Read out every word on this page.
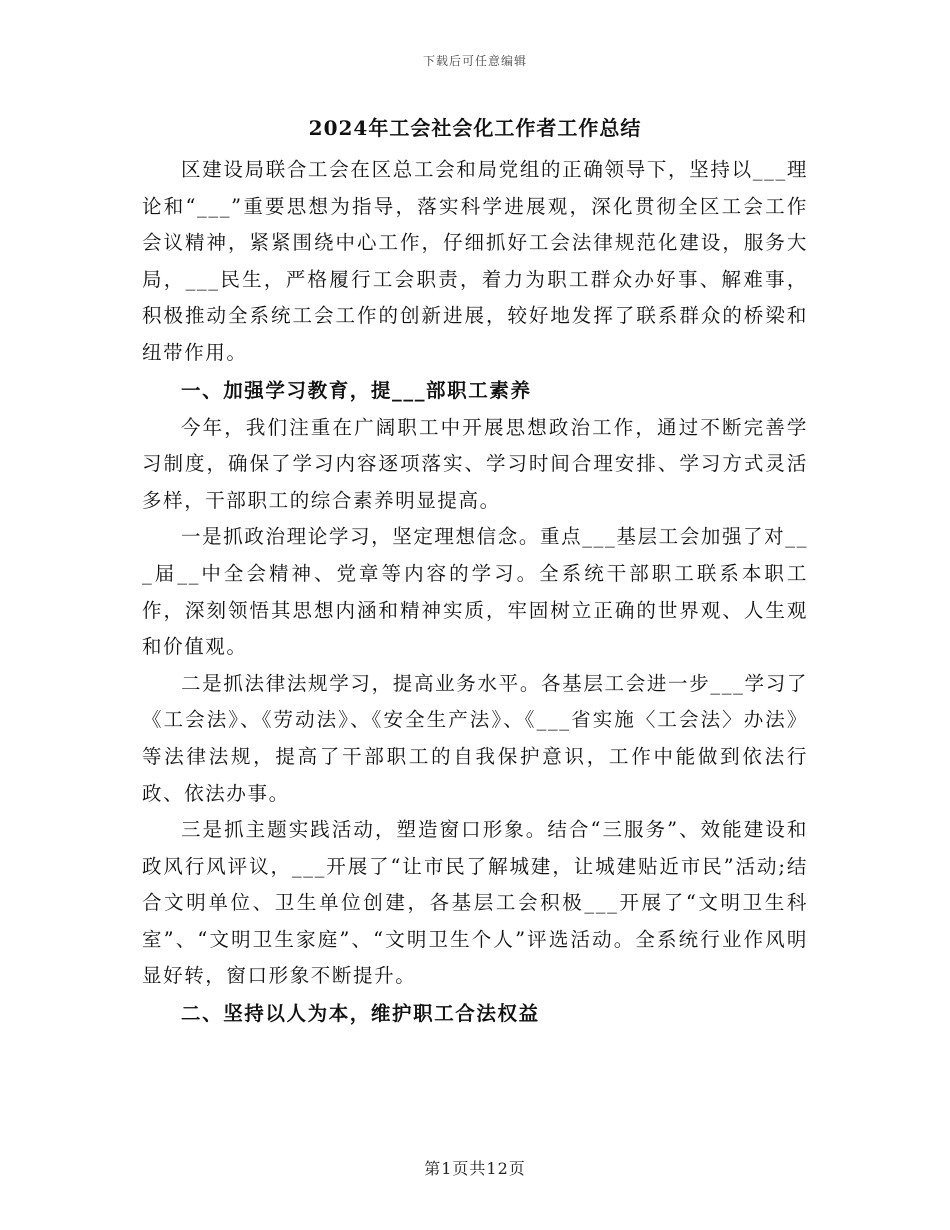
下载后可任意编辑
2024年工会社会化工作者工作总结

区建设局联合工会在区总工会和局党组的正确领导下，坚持以___理论和“___”重要思想为指导，落实科学进展观，深化贯彻全区工会工作会议精神，紧紧围绕中心工作，仔细抓好工会法律规范化建设，服务大局，___民生，严格履行工会职责，着力为职工群众办好事、解难事，积极推动全系统工会工作的创新进展，较好地发挥了联系群众的桥梁和纽带作用。

一、加强学习教育，提___部职工素养

今年，我们注重在广阔职工中开展思想政治工作，通过不断完善学习制度，确保了学习内容逐项落实、学习时间合理安排、学习方式灵活多样，干部职工的综合素养明显提高。

一是抓政治理论学习，坚定理想信念。重点___基层工会加强了对___届__中全会精神、党章等内容的学习。全系统干部职工联系本职工作，深刻领悟其思想内涵和精神实质，牢固树立正确的世界观、人生观和价值观。

二是抓法律法规学习，提高业务水平。各基层工会进一步___学习了《工会法》、《劳动法》、《安全生产法》、《___省实施〈工会法〉办法》等法律法规，提高了干部职工的自我保护意识，工作中能做到依法行政、依法办事。

三是抓主题实践活动，塑造窗口形象。结合“三服务”、效能建设和政风行风评议，___开展了“让市民了解城建，让城建贴近市民”活动;结合文明单位、卫生单位创建，各基层工会积极___开展了“文明卫生科室”、“文明卫生家庭”、“文明卫生个人”评选活动。全系统行业作风明显好转，窗口形象不断提升。

二、坚持以人为本，维护职工合法权益

第1页共12页
